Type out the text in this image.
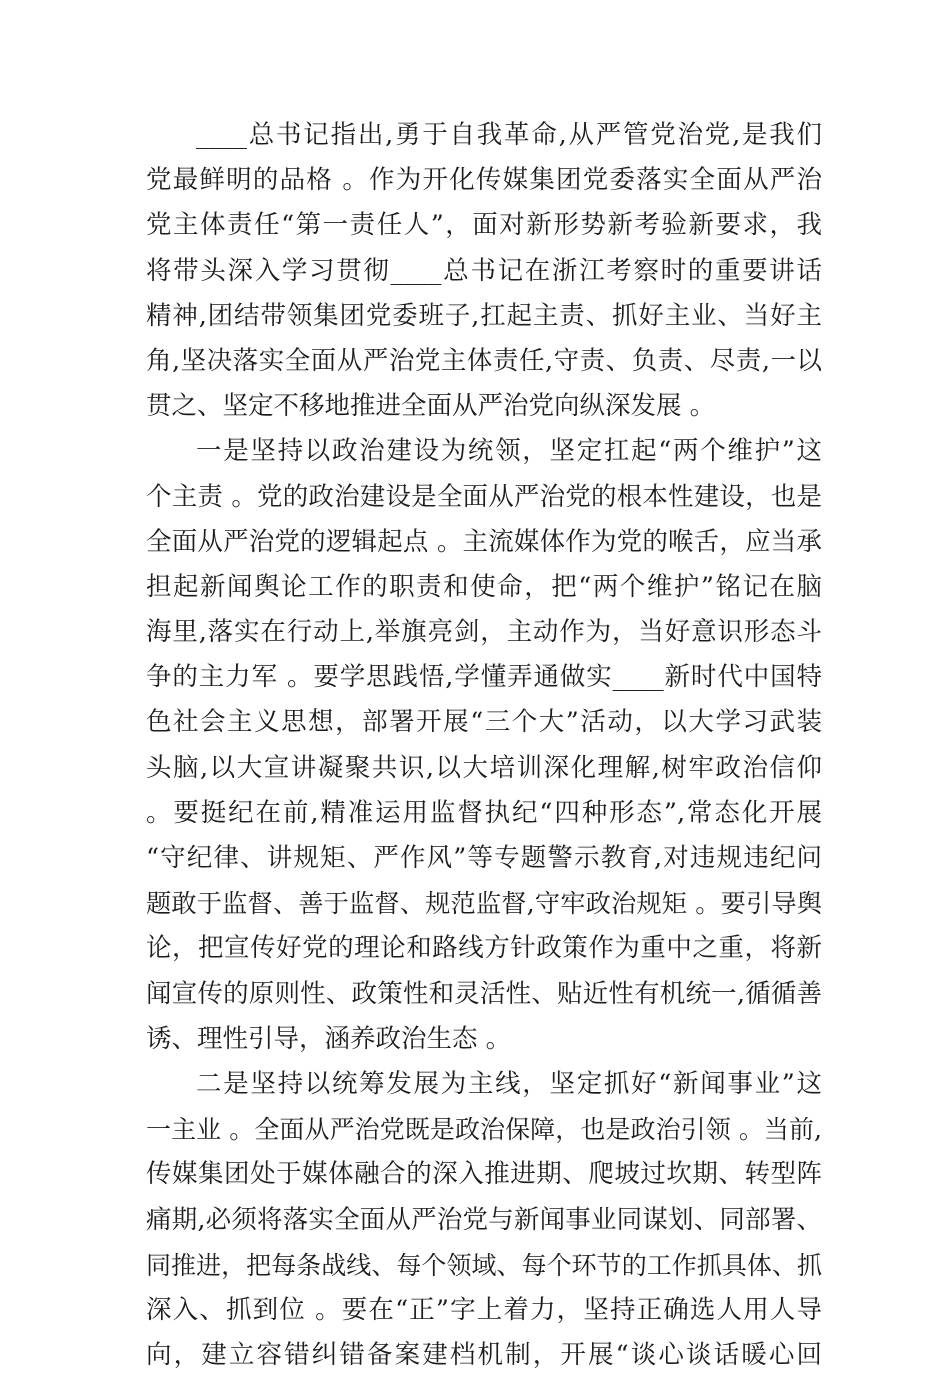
____总书记指出,勇于自我革命,从严管党治党,是我们
党最鲜明的品格 。作为开化传媒集团党委落实全面从严治
党主体责任“第一责任人”，面对新形势新考验新要求，我
将带头深入学习贯彻____总书记在浙江考察时的重要讲话
精神,团结带领集团党委班子,扛起主责、抓好主业、当好主
角,坚决落实全面从严治党主体责任,守责、负责、尽责,一以
贯之、坚定不移地推进全面从严治党向纵深发展 。
一是坚持以政治建设为统领，坚定扛起“两个维护”这
个主责 。党的政治建设是全面从严治党的根本性建设，也是
全面从严治党的逻辑起点 。主流媒体作为党的喉舌，应当承
担起新闻舆论工作的职责和使命，把“两个维护”铭记在脑
海里,落实在行动上,举旗亮剑，主动作为，当好意识形态斗
争的主力军 。要学思践悟,学懂弄通做实____新时代中国特
色社会主义思想，部署开展“三个大”活动，以大学习武装
头脑,以大宣讲凝聚共识,以大培训深化理解,树牢政治信仰
。要挺纪在前,精准运用监督执纪“四种形态”,常态化开展
“守纪律、讲规矩、严作风”等专题警示教育,对违规违纪问
题敢于监督、善于监督、规范监督,守牢政治规矩 。要引导舆
论，把宣传好党的理论和路线方针政策作为重中之重，将新
闻宣传的原则性、政策性和灵活性、贴近性有机统一,循循善
诱、理性引导，涵养政治生态 。
二是坚持以统筹发展为主线，坚定抓好“新闻事业”这
一主业 。全面从严治党既是政治保障，也是政治引领 。当前,
传媒集团处于媒体融合的深入推进期、爬坡过坎期、转型阵
痛期,必须将落实全面从严治党与新闻事业同谋划、同部署、
同推进，把每条战线、每个领域、每个环节的工作抓具体、抓
深入、抓到位 。要在“正”字上着力，坚持正确选人用人导
向，建立容错纠错备案建档机制，开展“谈心谈话暖心回
